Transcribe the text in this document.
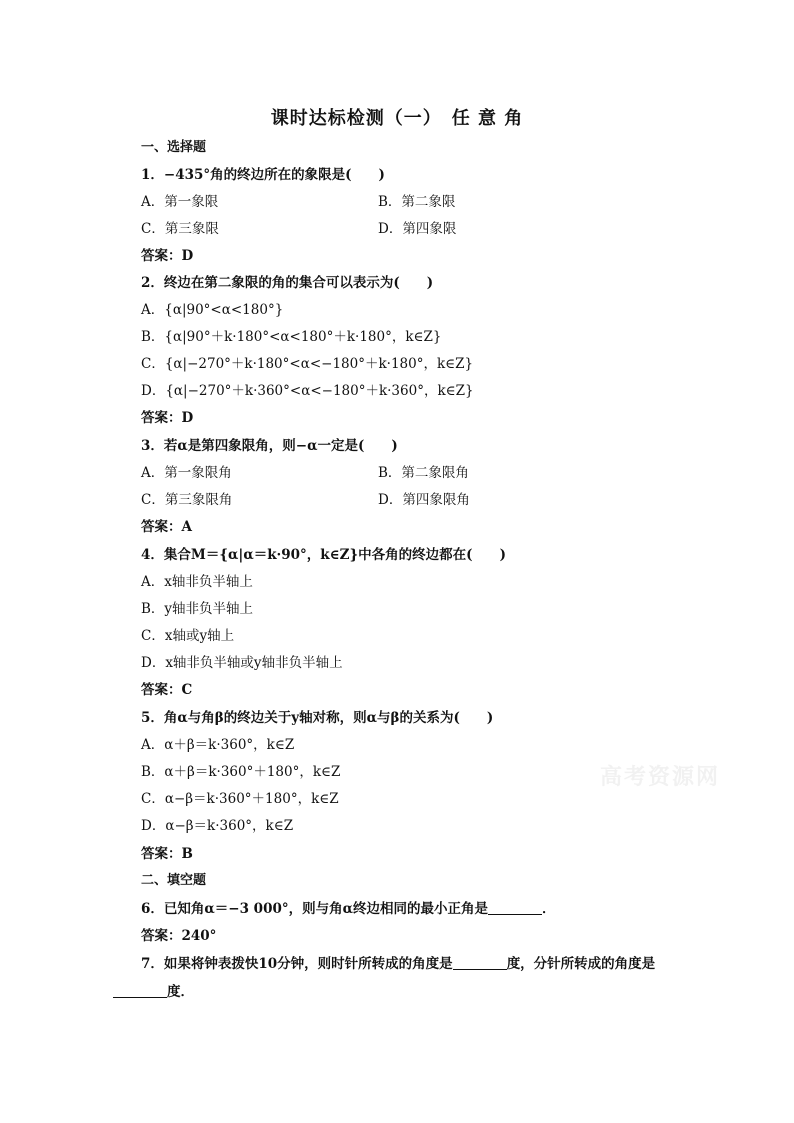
课时达标检测（一）　任 意 角
一、选择题
1．−435°角的终边所在的象限是(　　)
A．第一象限	B．第二象限
C．第三象限	D．第四象限
答案：D
2．终边在第二象限的角的集合可以表示为(　　)
A．{α|90°<α<180°}
B．{α|90°＋k·180°<α<180°＋k·180°，k∈Z}
C．{α|−270°＋k·180°<α<−180°＋k·180°，k∈Z}
D．{α|−270°＋k·360°<α<−180°＋k·360°，k∈Z}
答案：D
3．若α是第四象限角，则−α一定是(　　)
A．第一象限角	B．第二象限角
C．第三象限角	D．第四象限角
答案：A
4．集合M＝{α|α＝k·90°，k∈Z}中各角的终边都在(　　)
A．x轴非负半轴上
B．y轴非负半轴上
C．x轴或y轴上
D．x轴非负半轴或y轴非负半轴上
答案：C
5．角α与角β的终边关于y轴对称，则α与β的关系为(　　)
A．α＋β＝k·360°，k∈Z
B．α＋β＝k·360°＋180°，k∈Z
C．α−β＝k·360°＋180°，k∈Z
D．α−β＝k·360°，k∈Z
答案：B
二、填空题
6．已知角α＝−3 000°，则与角α终边相同的最小正角是	．
答案：240°
7．如果将钟表拨快10分钟，则时针所转成的角度是	度，分针所转成的角度是
度．
高考资源网
